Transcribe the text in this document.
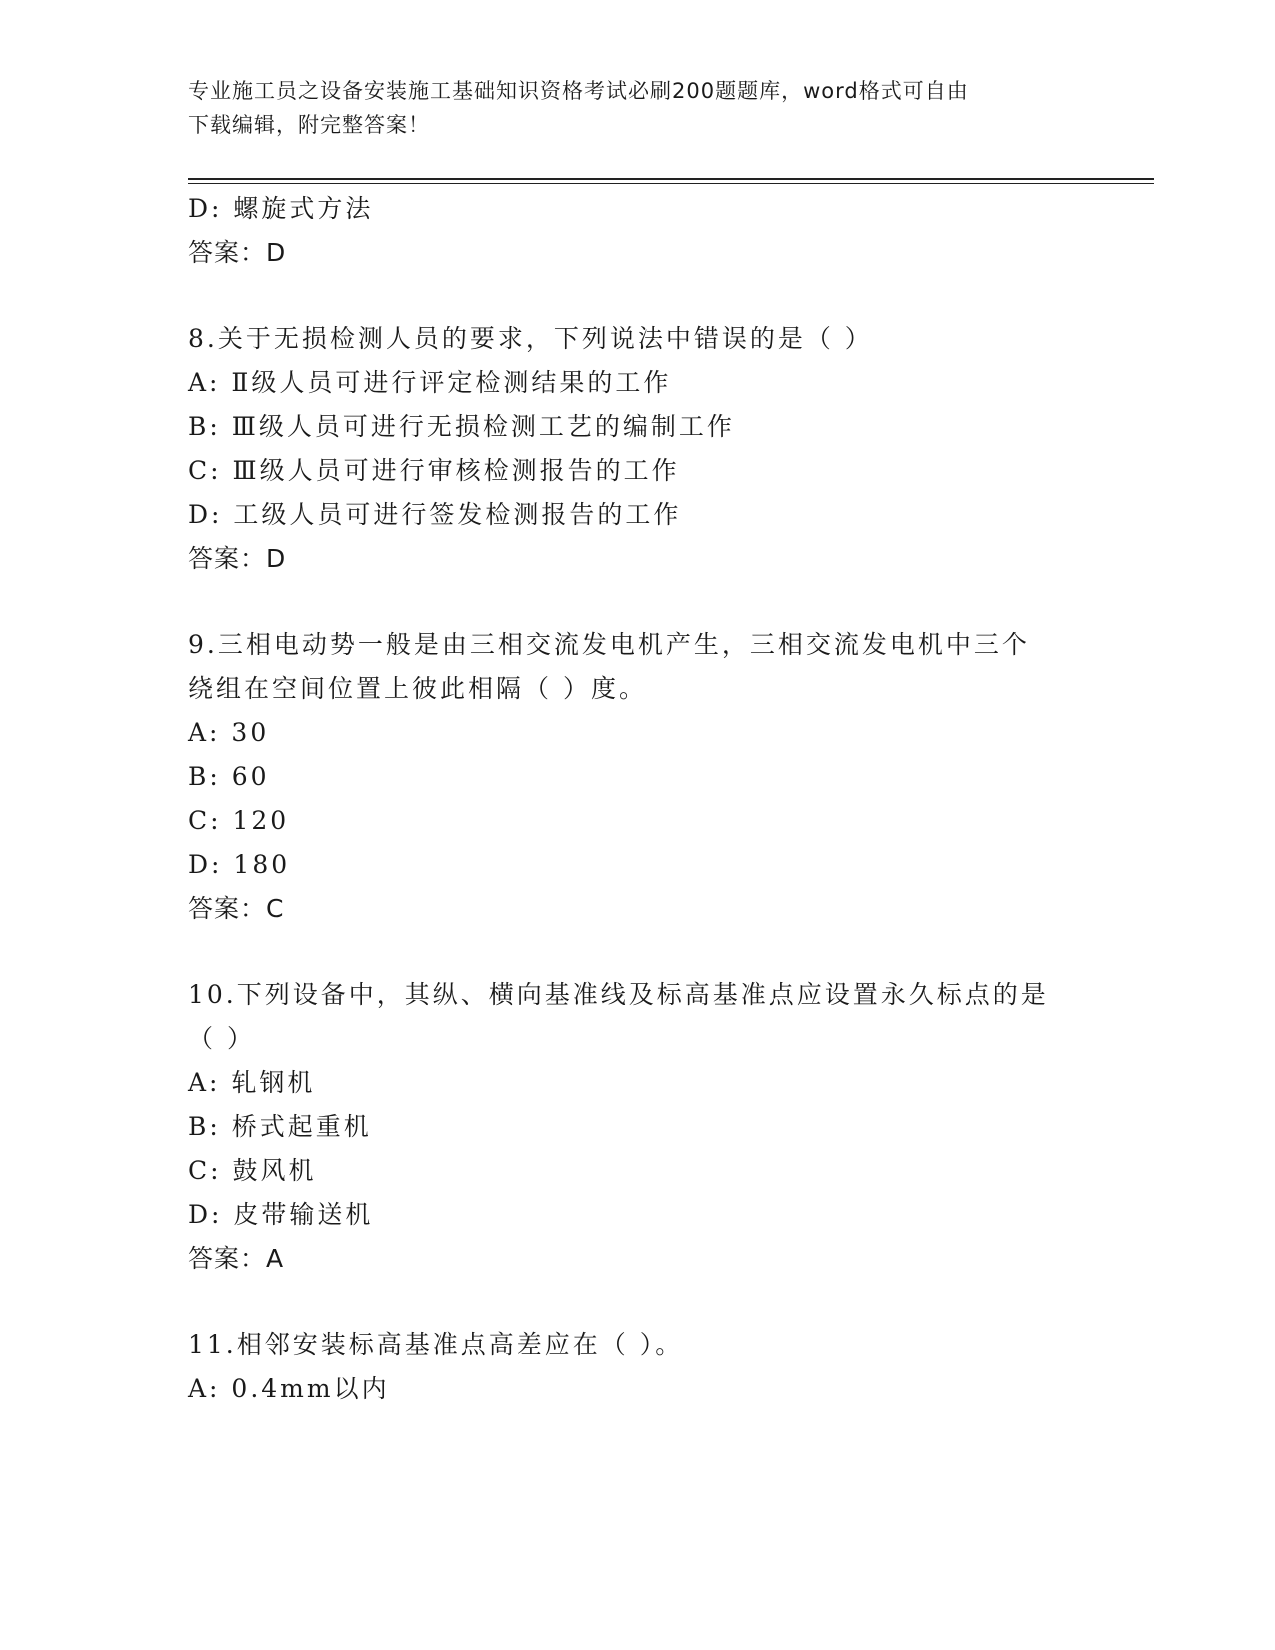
专业施工员之设备安装施工基础知识资格考试必刷200题题库，word格式可自由
下载编辑，附完整答案！
D: 螺旋式方法
答案：D
8.关于无损检测人员的要求，下列说法中错误的是（ ）
A: Ⅱ级人员可进行评定检测结果的工作
B: Ⅲ级人员可进行无损检测工艺的编制工作
C: Ⅲ级人员可进行审核检测报告的工作
D: 工级人员可进行签发检测报告的工作
答案：D
9.三相电动势一般是由三相交流发电机产生，三相交流发电机中三个
绕组在空间位置上彼此相隔（ ）度。
A: 30
B: 60
C: 120
D: 180
答案：C
10.下列设备中，其纵、横向基准线及标高基准点应设置永久标点的是
（ ）
A: 轧钢机
B: 桥式起重机
C: 鼓风机
D: 皮带输送机
答案：A
11.相邻安装标高基准点高差应在（ ）。
A: 0.4mm以内
